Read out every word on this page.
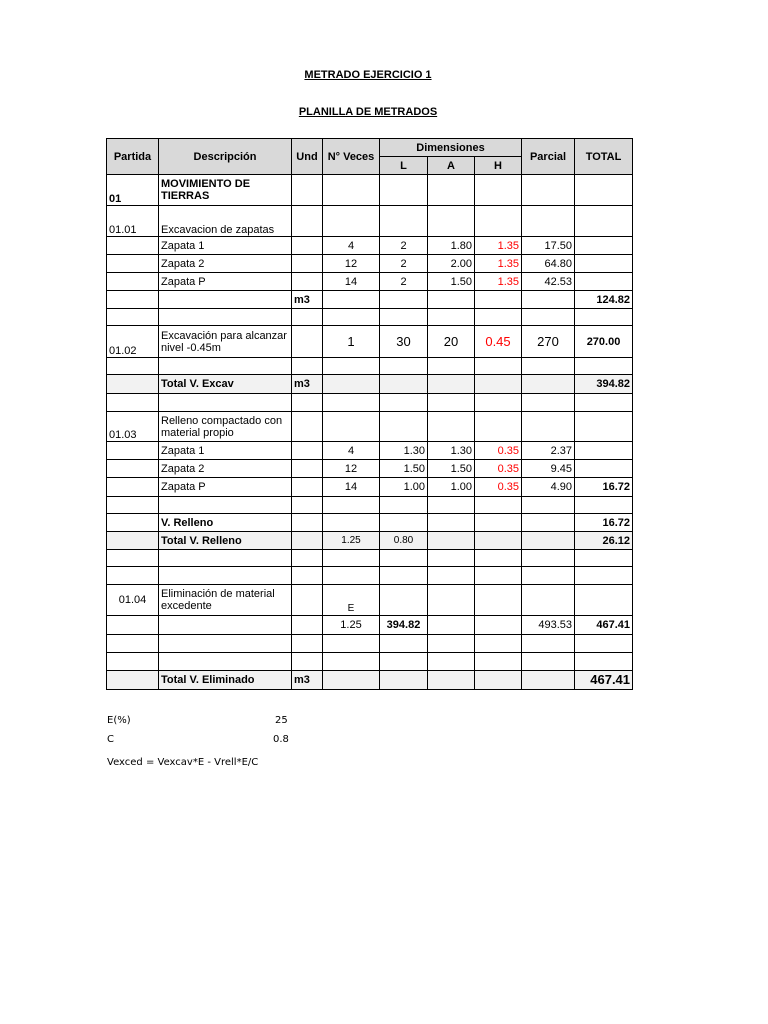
METRADO EJERCICIO 1
PLANILLA DE METRADOS
Partida	Descripción	Und	N° Veces	Dimensiones			Parcial	TOTAL
				L	A	H		
01	MOVIMIENTO DE TIERRAS							
01.01	Excavacion de zapatas							
	Zapata 1		4	2	1.80	1.35	17.50	
	Zapata 2		12	2	2.00	1.35	64.80	
	Zapata P		14	2	1.50	1.35	42.53	
		m3						124.82

01.02	Excavación para alcanzar nivel -0.45m		1	30	20	0.45	270	270.00

	Total V. Excav	m3						394.82

01.03	Relleno compactado con material propio							
	Zapata 1		4	1.30	1.30	0.35	2.37	
	Zapata 2		12	1.50	1.50	0.35	9.45	
	Zapata P		14	1.00	1.00	0.35	4.90	16.72

	V. Relleno							16.72
	Total V. Relleno		1.25	0.80				26.12

01.04	Eliminación de material excedente		E					
			1.25	394.82			493.53	467.41

	Total V. Eliminado	m3						467.41
E(%)	25
C	0.8
Vexced = Vexcav*E - Vrell*E/C
